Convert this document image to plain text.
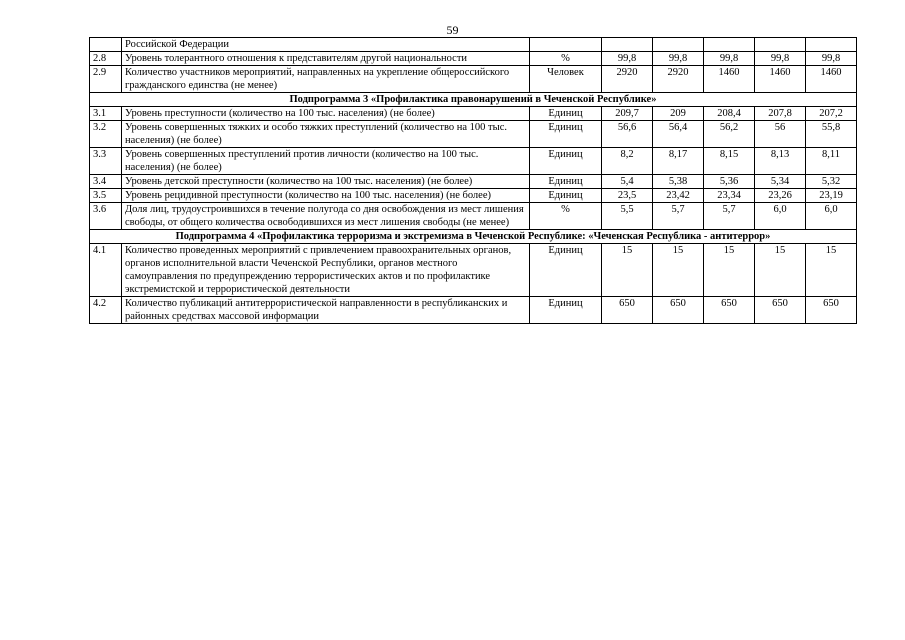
59
	Российской Федерации						
2.8	Уровень толерантного отношения к представителям другой национальности	%	99,8	99,8	99,8	99,8	99,8
2.9	Количество участников мероприятий, направленных на укрепление общероссийского гражданского единства (не менее)	Человек	2920	2920	1460	1460	1460
Подпрограмма 3 «Профилактика правонарушений в Чеченской Республике»							
3.1	Уровень преступности (количество на 100 тыс. населения) (не более)	Единиц	209,7	209	208,4	207,8	207,2
3.2	Уровень совершенных тяжких и особо тяжких преступлений (количество на 100 тыс. населения) (не более)	Единиц	56,6	56,4	56,2	56	55,8
3.3	Уровень совершенных преступлений против личности (количество на 100 тыс. населения) (не более)	Единиц	8,2	8,17	8,15	8,13	8,11
3.4	Уровень детской преступности (количество на 100 тыс. населения) (не более)	Единиц	5,4	5,38	5,36	5,34	5,32
3.5	Уровень рецидивной преступности (количество на 100 тыс. населения) (не более)	Единиц	23,5	23,42	23,34	23,26	23,19
3.6	Доля лиц, трудоустроившихся в течение полугода со дня освобождения из мест лишения свободы, от общего количества освободившихся из мест лишения свободы (не менее)	%	5,5	5,7	5,7	6,0	6,0
Подпрограмма 4 «Профилактика терроризма и экстремизма в Чеченской Республике: «Чеченская Республика - антитеррор»							
4.1	Количество проведенных мероприятий с привлечением правоохранительных органов, органов исполнительной власти Чеченской Республики, органов местного самоуправления по предупреждению террористических актов и по профилактике экстремистской и террористической деятельности	Единиц	15	15	15	15	15
4.2	Количество публикаций антитеррористической направленности в республиканских и районных средствах массовой информации	Единиц	650	650	650	650	650
